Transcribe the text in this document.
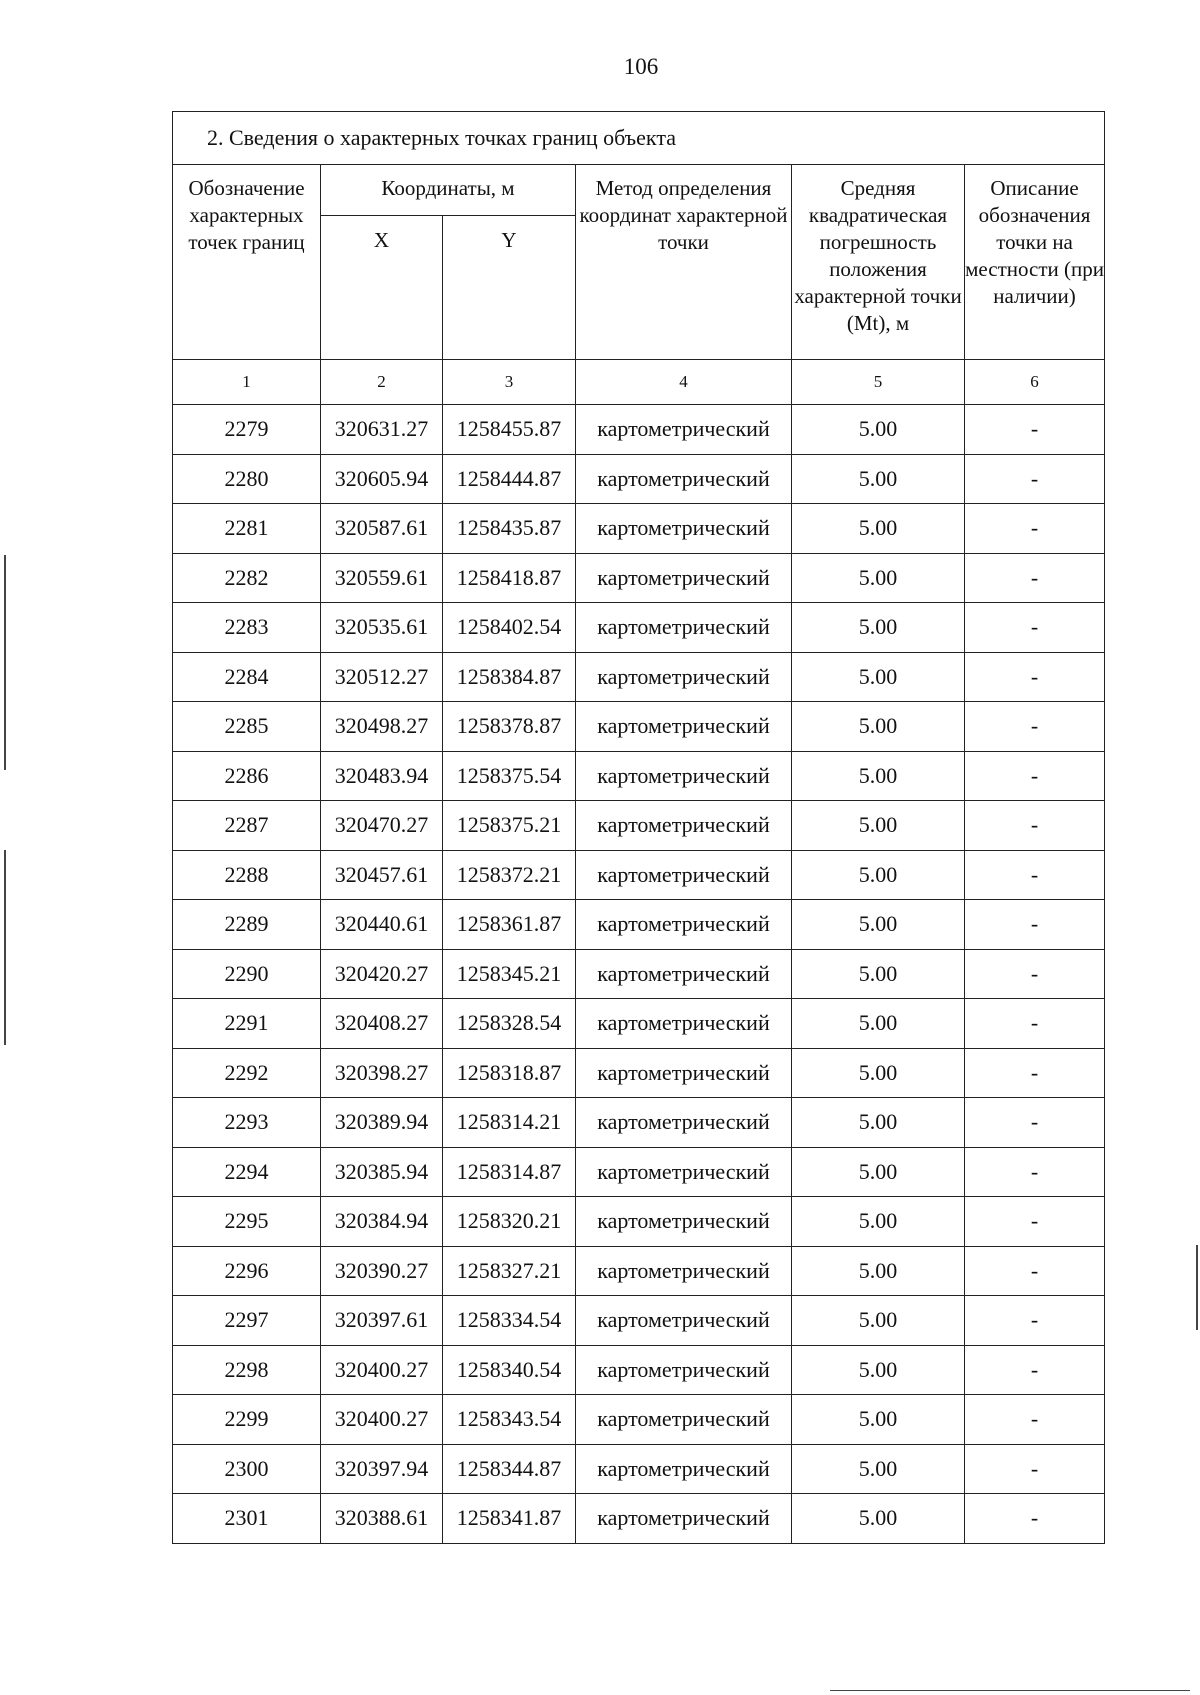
106
2. Сведения о характерных точках границ объекта					
Обозначение характерных точек границ	Координаты, м		Метод определения координат характерной точки	Средняя квадратическая погрешность положения характерной точки (Mt), м	Описание обозначения точки на местности (при наличии)
	X	Y			
1	2	3	4	5	6
2279	320631.27	1258455.87	картометрический	5.00	-
2280	320605.94	1258444.87	картометрический	5.00	-
2281	320587.61	1258435.87	картометрический	5.00	-
2282	320559.61	1258418.87	картометрический	5.00	-
2283	320535.61	1258402.54	картометрический	5.00	-
2284	320512.27	1258384.87	картометрический	5.00	-
2285	320498.27	1258378.87	картометрический	5.00	-
2286	320483.94	1258375.54	картометрический	5.00	-
2287	320470.27	1258375.21	картометрический	5.00	-
2288	320457.61	1258372.21	картометрический	5.00	-
2289	320440.61	1258361.87	картометрический	5.00	-
2290	320420.27	1258345.21	картометрический	5.00	-
2291	320408.27	1258328.54	картометрический	5.00	-
2292	320398.27	1258318.87	картометрический	5.00	-
2293	320389.94	1258314.21	картометрический	5.00	-
2294	320385.94	1258314.87	картометрический	5.00	-
2295	320384.94	1258320.21	картометрический	5.00	-
2296	320390.27	1258327.21	картометрический	5.00	-
2297	320397.61	1258334.54	картометрический	5.00	-
2298	320400.27	1258340.54	картометрический	5.00	-
2299	320400.27	1258343.54	картометрический	5.00	-
2300	320397.94	1258344.87	картометрический	5.00	-
2301	320388.61	1258341.87	картометрический	5.00	-
